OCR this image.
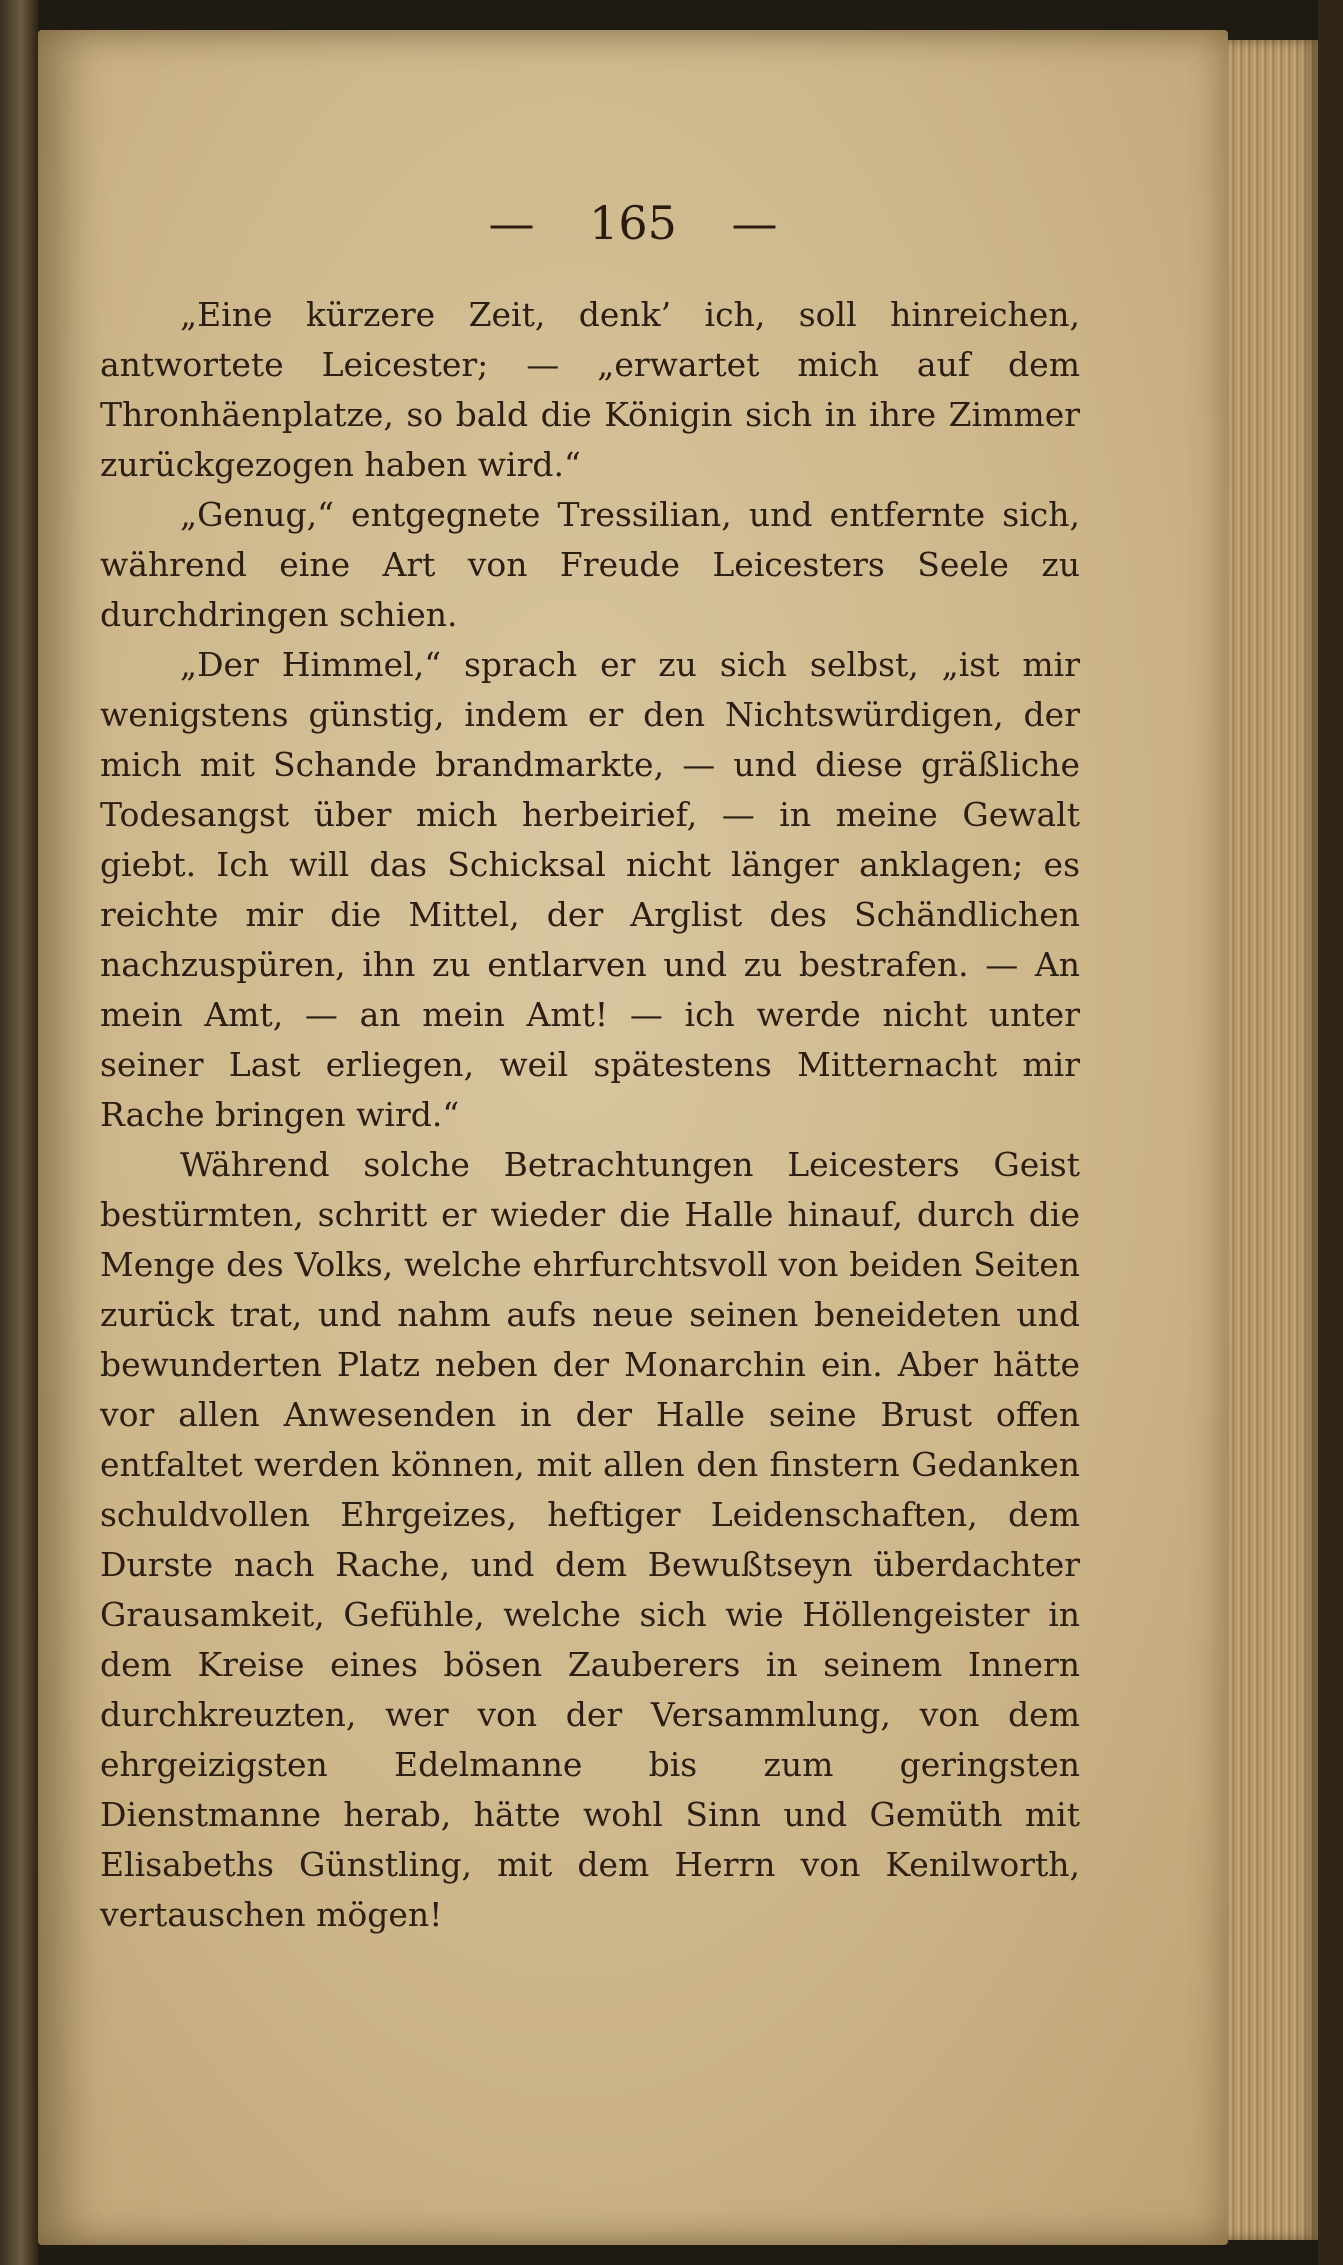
— 165 —

„Eine kürzere Zeit, denk’ ich, soll hinreichen, antwortete Leicester; — „erwartet mich auf dem Thronhäenplatze, so bald die Königin sich in ihre Zimmer zurückgezogen haben wird.“

„Genug,“ entgegnete Tressilian, und entfernte sich, während eine Art von Freude Leicesters Seele zu durchdringen schien.

„Der Himmel,“ sprach er zu sich selbst, „ist mir wenigstens günstig, indem er den Nichtswürdigen, der mich mit Schande brandmarkte, — und diese gräßliche Todesangst über mich herbeirief, — in meine Gewalt giebt. Ich will das Schicksal nicht länger anklagen; es reichte mir die Mittel, der Arglist des Schändlichen nachzuspüren, ihn zu entlarven und zu bestrafen. — An mein Amt, — an mein Amt! — ich werde nicht unter seiner Last erliegen, weil spätestens Mitternacht mir Rache bringen wird.“

Während solche Betrachtungen Leicesters Geist bestürmten, schritt er wieder die Halle hinauf, durch die Menge des Volks, welche ehrfurchtsvoll von beiden Seiten zurück trat, und nahm aufs neue seinen beneideten und bewunderten Platz neben der Monarchin ein. Aber hätte vor allen Anwesenden in der Halle seine Brust offen entfaltet werden können, mit allen den finstern Gedanken schuldvollen Ehrgeizes, heftiger Leidenschaften, dem Durste nach Rache, und dem Bewußtseyn überdachter Grausamkeit, Gefühle, welche sich wie Höllengeister in dem Kreise eines bösen Zauberers in seinem Innern durchkreuzten, wer von der Versammlung, von dem ehrgeizigsten Edelmanne bis zum geringsten Dienstmanne herab, hätte wohl Sinn und Gemüth mit Elisabeths Günstling, mit dem Herrn von Kenilworth, vertauschen mögen!
